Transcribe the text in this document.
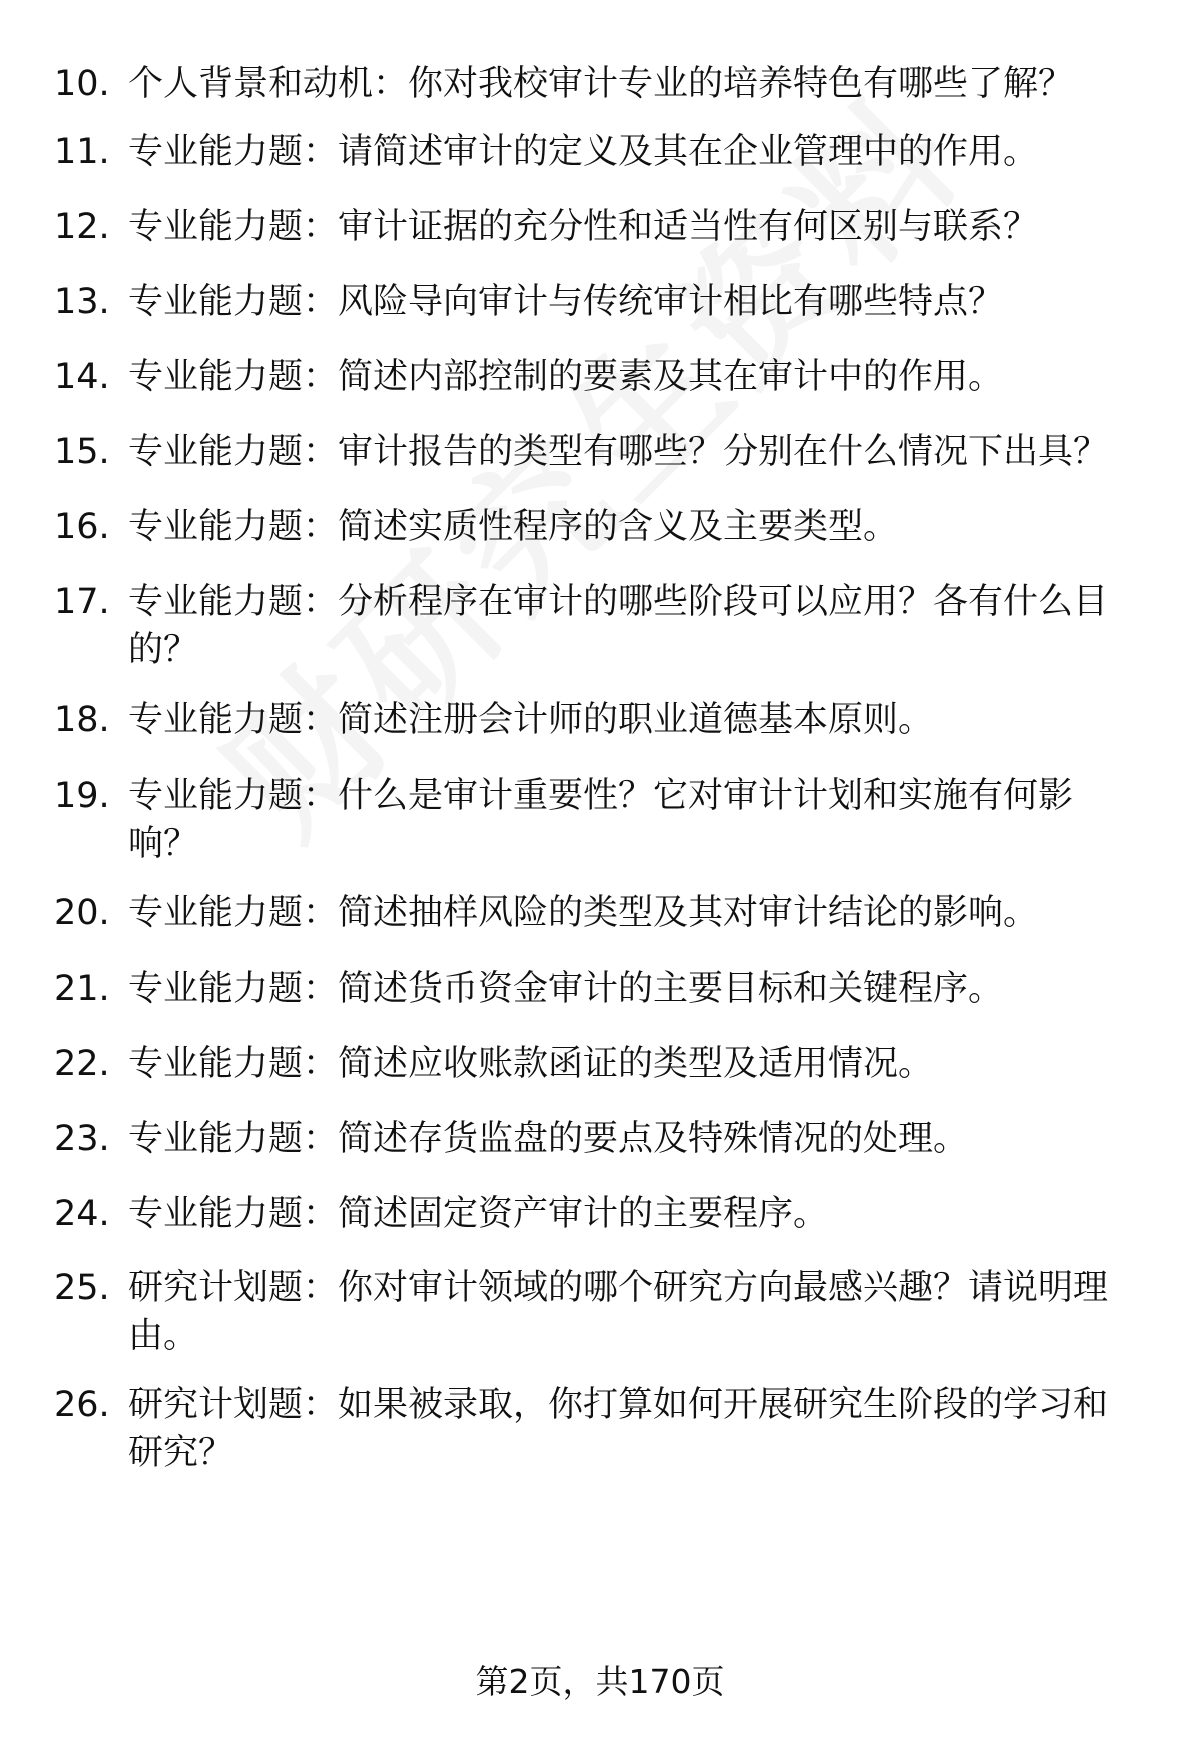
10. 个人背景和动机：你对我校审计专业的培养特色有哪些了解？
11. 专业能力题：请简述审计的定义及其在企业管理中的作用。
12. 专业能力题：审计证据的充分性和适当性有何区别与联系？
13. 专业能力题：风险导向审计与传统审计相比有哪些特点？
14. 专业能力题：简述内部控制的要素及其在审计中的作用。
15. 专业能力题：审计报告的类型有哪些？分别在什么情况下出具？
16. 专业能力题：简述实质性程序的含义及主要类型。
17. 专业能力题：分析程序在审计的哪些阶段可以应用？各有什么目的？
18. 专业能力题：简述注册会计师的职业道德基本原则。
19. 专业能力题：什么是审计重要性？它对审计计划和实施有何影响？
20. 专业能力题：简述抽样风险的类型及其对审计结论的影响。
21. 专业能力题：简述货币资金审计的主要目标和关键程序。
22. 专业能力题：简述应收账款函证的类型及适用情况。
23. 专业能力题：简述存货监盘的要点及特殊情况的处理。
24. 专业能力题：简述固定资产审计的主要程序。
25. 研究计划题：你对审计领域的哪个研究方向最感兴趣？请说明理由。
26. 研究计划题：如果被录取，你打算如何开展研究生阶段的学习和研究？
第2页，共170页
